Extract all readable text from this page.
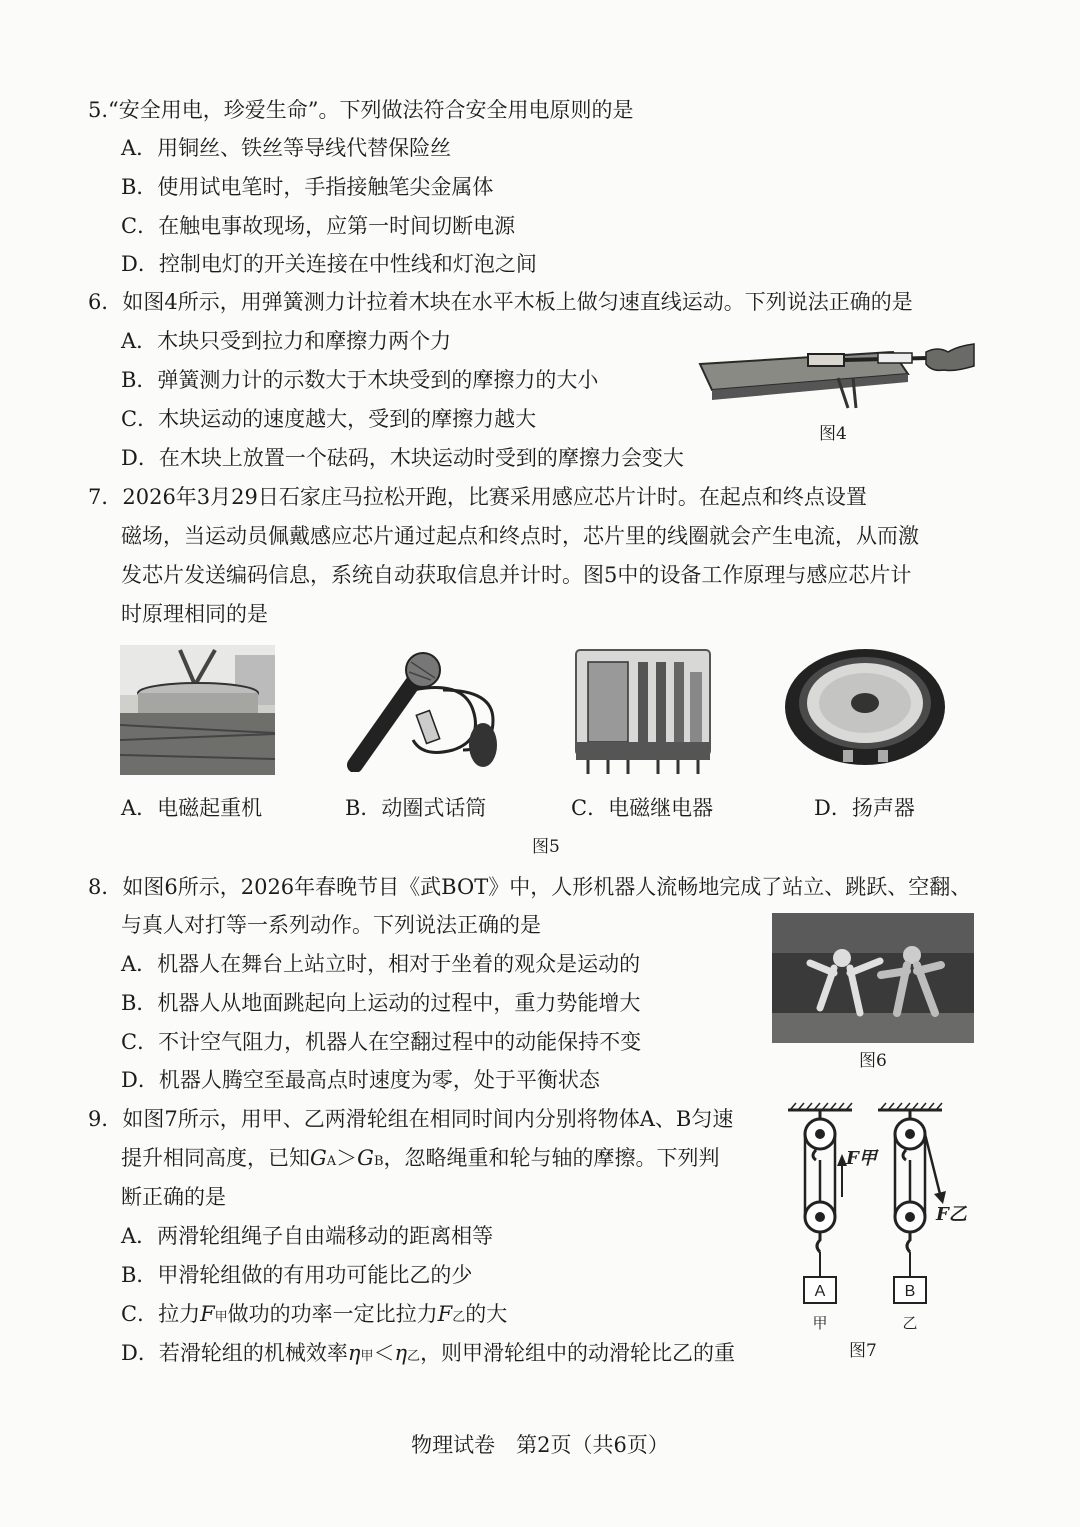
5.“安全用电，珍爱生命”。下列做法符合安全用电原则的是
A．用铜丝、铁丝等导线代替保险丝
B．使用试电笔时，手指接触笔尖金属体
C．在触电事故现场，应第一时间切断电源
D．控制电灯的开关连接在中性线和灯泡之间
6．如图4所示，用弹簧测力计拉着木块在水平木板上做匀速直线运动。下列说法正确的是
A．木块只受到拉力和摩擦力两个力
B．弹簧测力计的示数大于木块受到的摩擦力的大小
C．木块运动的速度越大，受到的摩擦力越大
D．在木块上放置一个砝码，木块运动时受到的摩擦力会变大
图4
7．2026年3月29日石家庄马拉松开跑，比赛采用感应芯片计时。在起点和终点设置
磁场，当运动员佩戴感应芯片通过起点和终点时，芯片里的线圈就会产生电流，从而激
发芯片发送编码信息，系统自动获取信息并计时。图5中的设备工作原理与感应芯片计
时原理相同的是
A．电磁起重机	B．动圈式话筒	C．电磁继电器	D．扬声器
图5
8．如图6所示，2026年春晚节目《武BOT》中，人形机器人流畅地完成了站立、跳跃、空翻、
与真人对打等一系列动作。下列说法正确的是
A．机器人在舞台上站立时，相对于坐着的观众是运动的
B．机器人从地面跳起向上运动的过程中，重力势能增大
C．不计空气阻力，机器人在空翻过程中的动能保持不变
D．机器人腾空至最高点时速度为零，处于平衡状态
图6
9．如图7所示，用甲、乙两滑轮组在相同时间内分别将物体A、B匀速
提升相同高度，已知GA＞GB，忽略绳重和轮与轴的摩擦。下列判
断正确的是
A．两滑轮组绳子自由端移动的距离相等
B．甲滑轮组做的有用功可能比乙的少
C．拉力F甲做功的功率一定比拉力F乙的大
D．若滑轮组的机械效率η甲＜η乙，则甲滑轮组中的动滑轮比乙的重
A	B
F甲
F乙
甲	乙
图7
物理试卷　第2页（共6页）
